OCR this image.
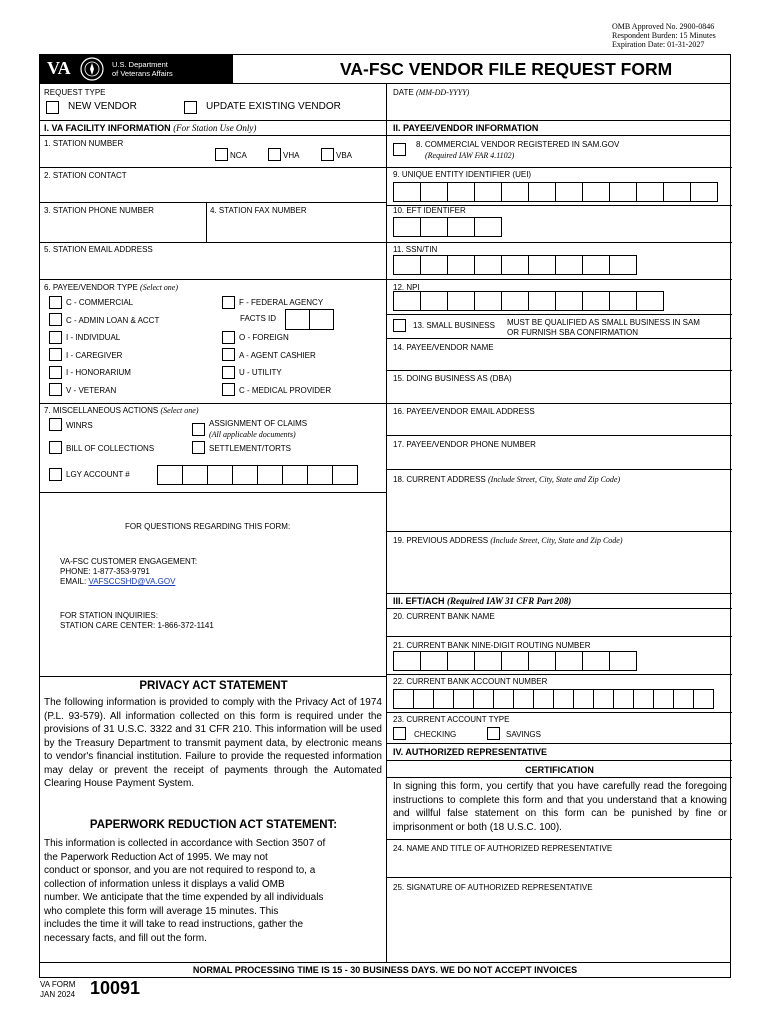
OMB Approved No. 2900-0846
Respondent Burden: 15 Minutes
Expiration Date: 01-31-2027
VA	U.S. Department
of Veterans Affairs	VA-FSC VENDOR FILE REQUEST FORM
REQUEST TYPE
NEW VENDOR	UPDATE EXISTING VENDOR
DATE (MM-DD-YYYY)
I. VA FACILITY INFORMATION (For Station Use Only)	II. PAYEE/VENDOR INFORMATION
1. STATION NUMBER
NCA	VHA	VBA
2. STATION CONTACT
3. STATION PHONE NUMBER	4. STATION FAX NUMBER
5. STATION EMAIL ADDRESS
6. PAYEE/VENDOR TYPE (Select one)
C - COMMERCIAL
C - ADMIN LOAN & ACCT
I - INDIVIDUAL
I - CAREGIVER
I - HONORARIUM
V - VETERAN
F - FEDERAL AGENCY
FACTS ID
O - FOREIGN
A - AGENT CASHIER
U - UTILITY
C - MEDICAL PROVIDER
7. MISCELLANEOUS ACTIONS (Select one)
WINRS	ASSIGNMENT OF CLAIMS
(All applicable documents)
BILL OF COLLECTIONS	SETTLEMENT/TORTS
LGY ACCOUNT #
FOR QUESTIONS REGARDING THIS FORM:
VA-FSC CUSTOMER ENGAGEMENT:
PHONE: 1-877-353-9791
EMAIL: VAFSCCSHD@VA.GOV
FOR STATION INQUIRIES:
STATION CARE CENTER: 1-866-372-1141
PRIVACY ACT STATEMENT
The following information is provided to comply with the Privacy Act of 1974 (P.L. 93-579). All information collected on this form is required under the provisions of 31 U.S.C. 3322 and 31 CFR 210. This information will be used by the Treasury Department to transmit payment data, by electronic means to vendor's financial institution. Failure to provide the requested information may delay or prevent the receipt of payments through the Automated Clearing House Payment System.
PAPERWORK REDUCTION ACT STATEMENT:
This information is collected in accordance with Section 3507 of
the Paperwork Reduction Act of 1995. We may not
conduct or sponsor, and you are not required to respond to, a
collection of information unless it displays a valid OMB
number. We anticipate that the time expended by all individuals
who complete this form will average 15 minutes. This
includes the time it will take to read instructions, gather the
necessary facts, and fill out the form.
8. COMMERCIAL VENDOR REGISTERED IN SAM.GOV
(Required IAW FAR 4.1102)
9. UNIQUE ENTITY IDENTIFIER (UEI)
10. EFT IDENTIFER
11. SSN/TIN
12. NPI
13. SMALL BUSINESS MUST BE QUALIFIED AS SMALL BUSINESS IN SAM
OR FURNISH SBA CONFIRMATION
14. PAYEE/VENDOR NAME
15. DOING BUSINESS AS (DBA)
16. PAYEE/VENDOR EMAIL ADDRESS
17. PAYEE/VENDOR PHONE NUMBER
18. CURRENT ADDRESS (Include Street, City, State and Zip Code)
19. PREVIOUS ADDRESS (Include Street, City, State and Zip Code)
III. EFT/ACH (Required IAW 31 CFR Part 208)
20. CURRENT BANK NAME
21. CURRENT BANK NINE-DIGIT ROUTING NUMBER
22. CURRENT BANK ACCOUNT NUMBER
23. CURRENT ACCOUNT TYPE
CHECKING	SAVINGS
IV. AUTHORIZED REPRESENTATIVE
CERTIFICATION
In signing this form, you certify that you have carefully read the foregoing instructions to complete this form and that you understand that a knowing and willful false statement on this form can be punished by fine or imprisonment or both (18 U.S.C. 100).
24. NAME AND TITLE OF AUTHORIZED REPRESENTATIVE
25. SIGNATURE OF AUTHORIZED REPRESENTATIVE
NORMAL PROCESSING TIME IS 15 - 30 BUSINESS DAYS. WE DO NOT ACCEPT INVOICES
VA FORM
JAN 2024 10091
